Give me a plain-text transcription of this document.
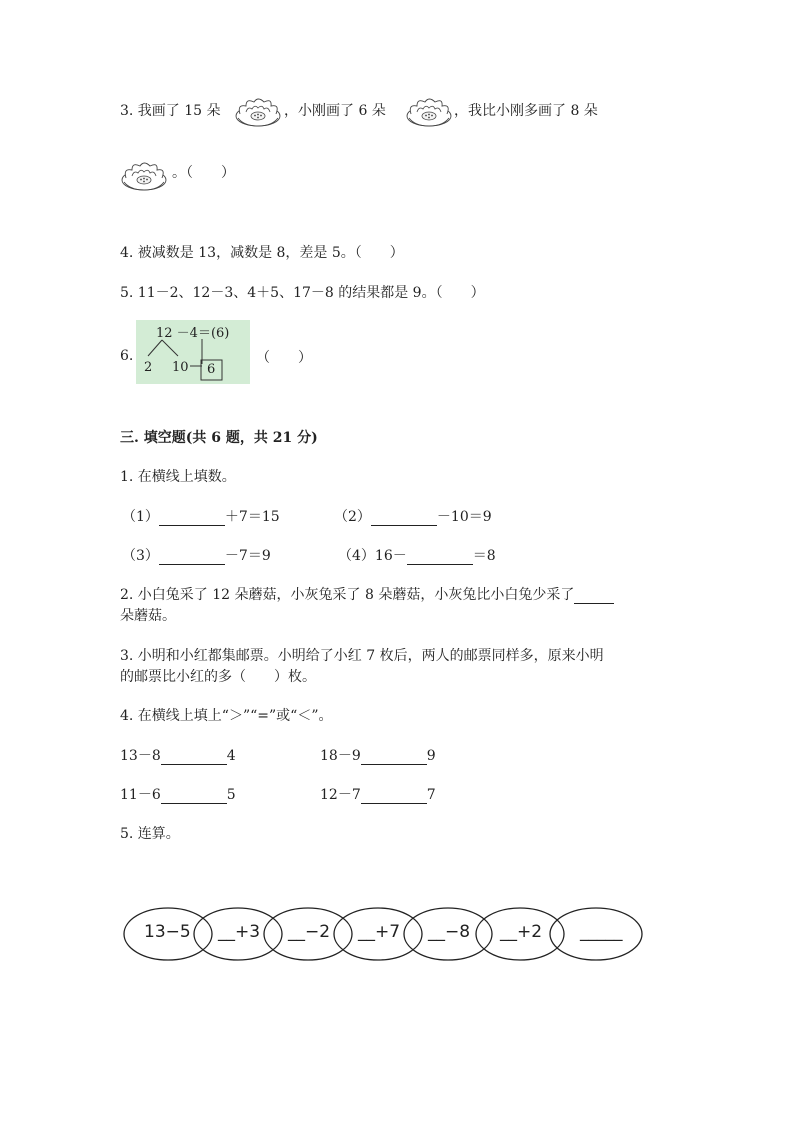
3. 我画了 15 朵	，小刚画了 6 朵	，我比小刚多画了 8 朵
。（　　）
4. 被减数是 13，减数是 8，差是 5。（　　）
5. 11－2、12－3、4＋5、17－8 的结果都是 9。（　　）
6.
12 －4＝(6)
2 10 6
（　　）
三. 填空题(共 6 题，共 21 分)
1. 在横线上填数。
（1）	＋7＝15	（2）	－10＝9
（3）	－7＝9	（4）16－	＝8
2. 小白兔采了 12 朵蘑菇，小灰兔采了 8 朵蘑菇，小灰兔比小白兔少采了
朵蘑菇。
3. 小明和小红都集邮票。小明给了小红 7 枚后，两人的邮票同样多，原来小明
的邮票比小红的多（　　）枚。
4. 在横线上填上“＞”“=”或“＜”。
13－8	4	18－9	9
11－6	5	12－7	7
5. 连算。
13−5 __+3 __−2 __+7 __−8 __+2 _____
